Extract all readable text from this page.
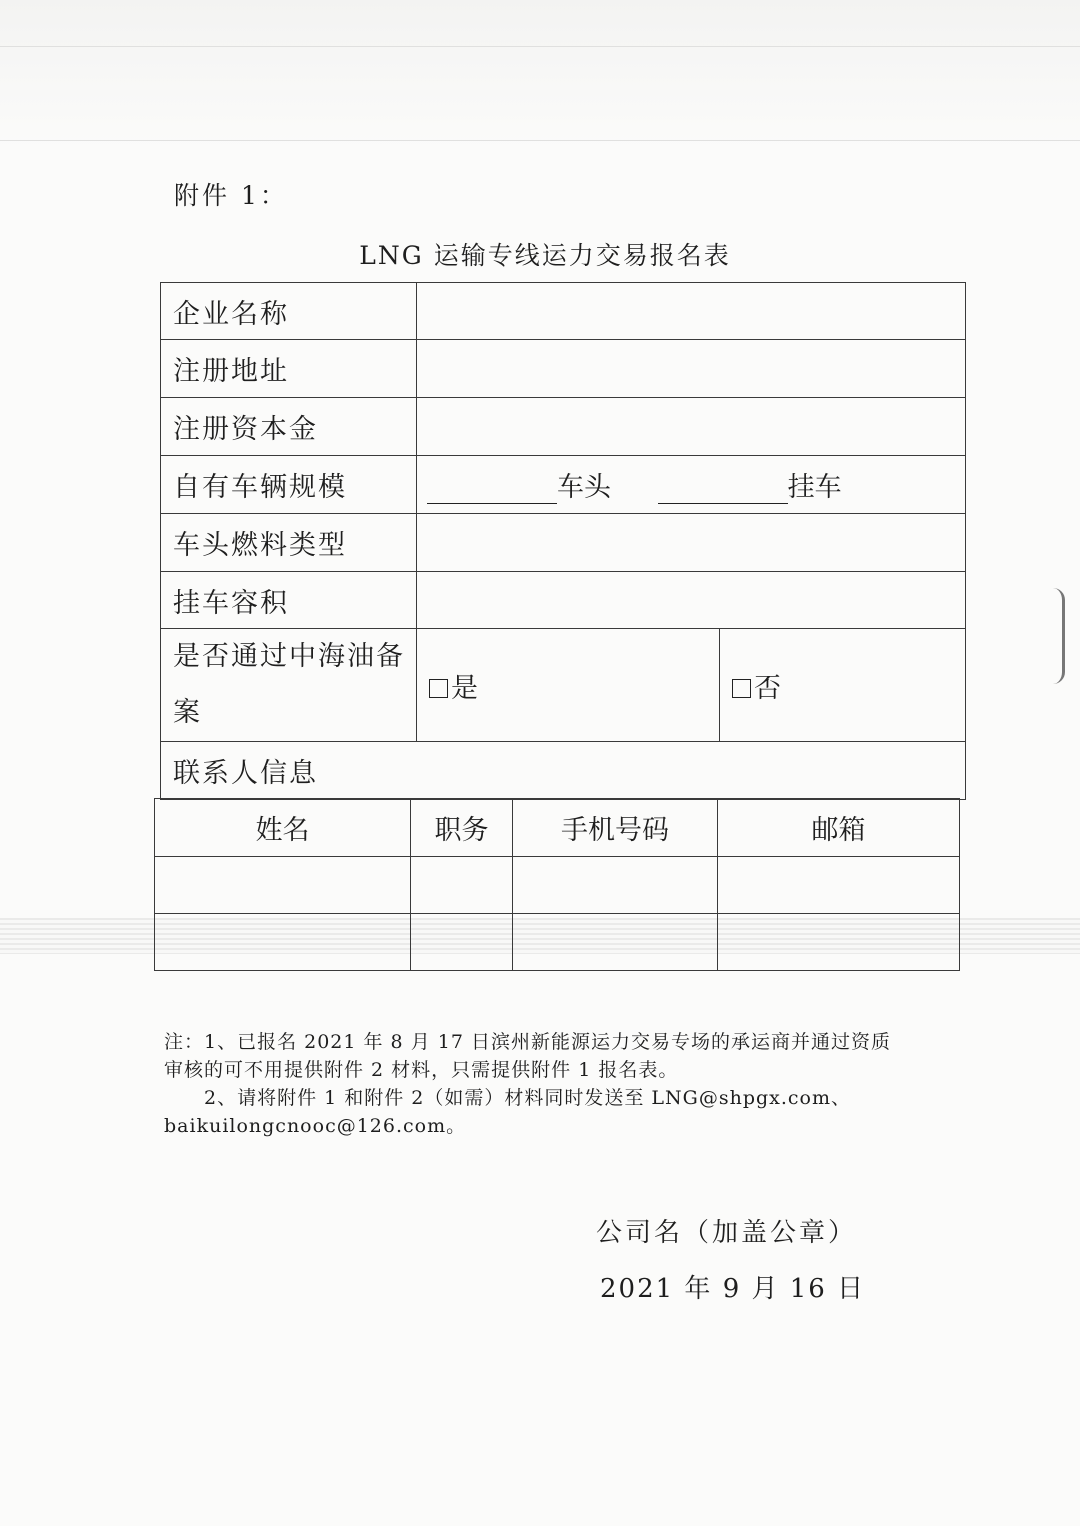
附件 1：
LNG 运输专线运力交易报名表
企业名称		
注册地址		
注册资本金		
自有车辆规模	车头 挂车	
车头燃料类型		
挂车容积		

是否通过中海油备
案	是	否
联系人信息		
姓名	职务	手机号码	邮箱

注：1、已报名 2021 年 8 月 17 日滨州新能源运力交易专场的承运商并通过资质
审核的可不用提供附件 2 材料，只需提供附件 1 报名表。
2、请将附件 1 和附件 2（如需）材料同时发送至 LNG@shpgx.com、
baikuilongcnooc@126.com。
公司名（加盖公章）
2021 年 9 月 16 日
